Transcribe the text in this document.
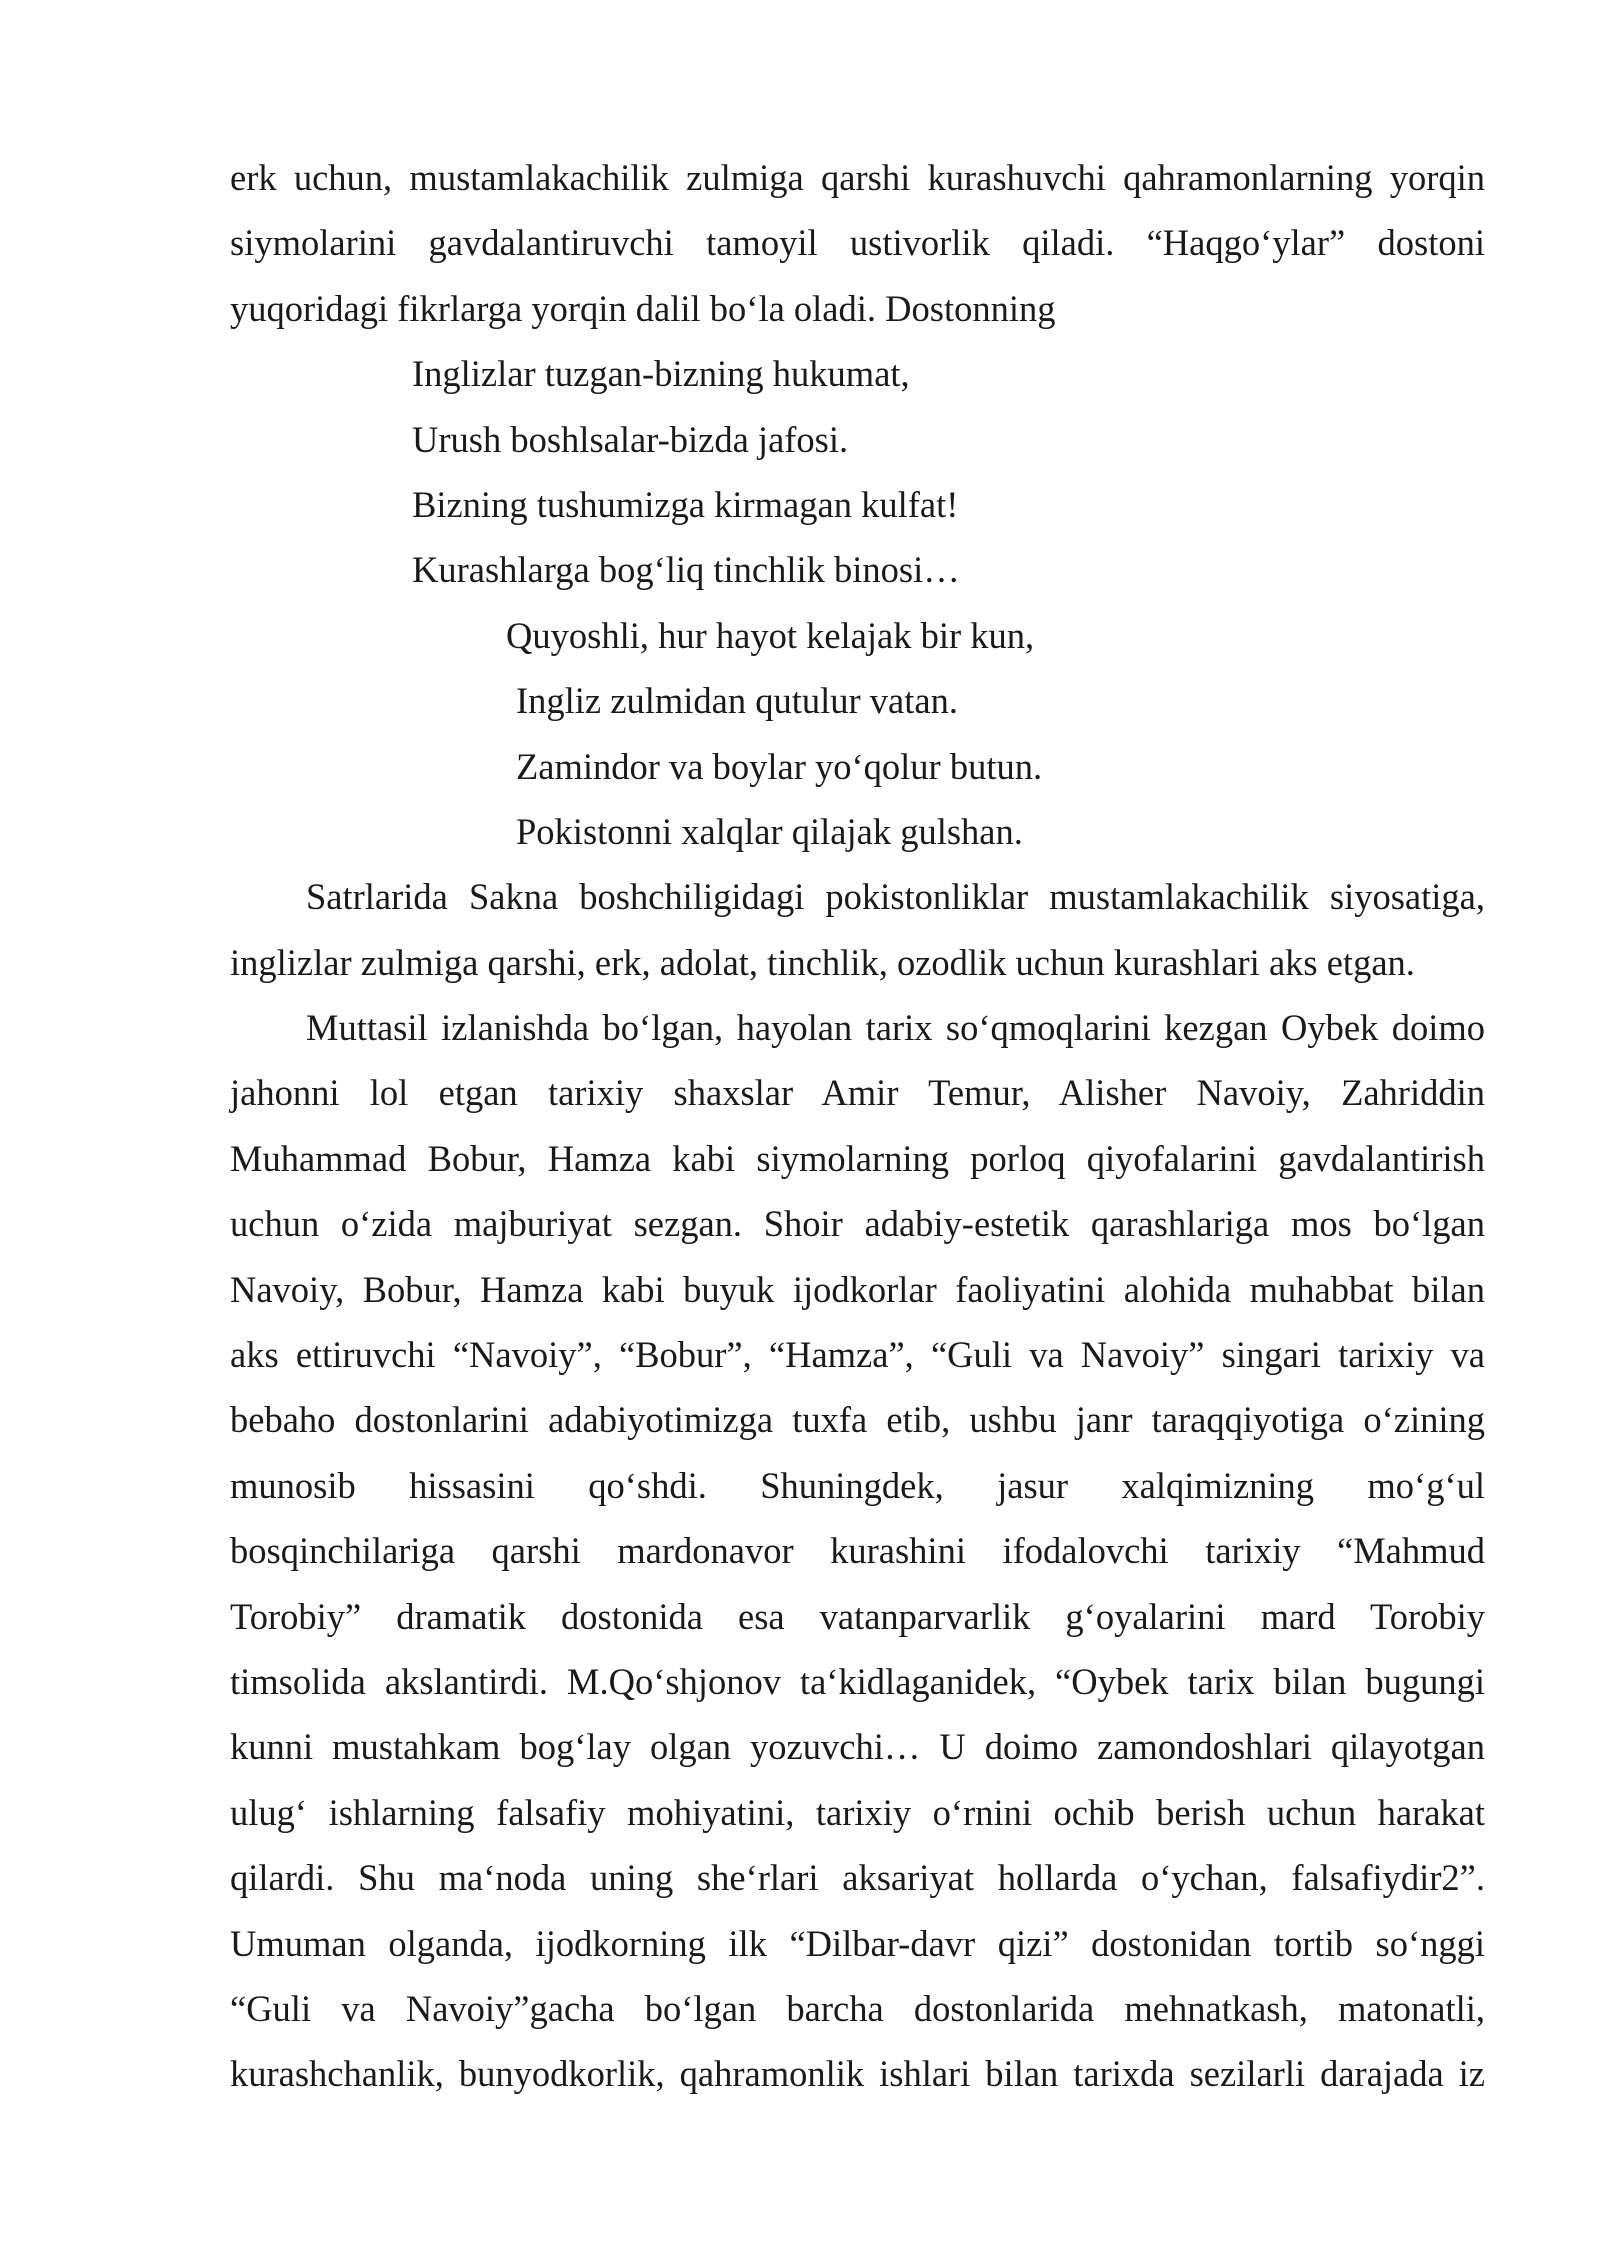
erk uchun, mustamlakachilik zulmiga qarshi kurashuvchi qahramonlarning yorqin
siymolarini gavdalantiruvchi tamoyil ustivorlik qiladi. “Haqgo‘ylar” dostoni
yuqoridagi fikrlarga yorqin dalil bo‘la oladi. Dostonning
Inglizlar tuzgan-bizning hukumat,
Urush boshlsalar-bizda jafosi.
Bizning tushumizga kirmagan kulfat!
Kurashlarga bog‘liq tinchlik binosi…
Quyoshli, hur hayot kelajak bir kun,
Ingliz zulmidan qutulur vatan.
Zamindor va boylar yo‘qolur butun.
Pokistonni xalqlar qilajak gulshan.
Satrlarida Sakna boshchiligidagi pokistonliklar mustamlakachilik siyosatiga,
inglizlar zulmiga qarshi, erk, adolat, tinchlik, ozodlik uchun kurashlari aks etgan.
Muttasil izlanishda bo‘lgan, hayolan tarix so‘qmoqlarini kezgan Oybek doimo
jahonni lol etgan tarixiy shaxslar Amir Temur, Alisher Navoiy, Zahriddin
Muhammad Bobur, Hamza kabi siymolarning porloq qiyofalarini gavdalantirish
uchun o‘zida majburiyat sezgan. Shoir adabiy-estetik qarashlariga mos bo‘lgan
Navoiy, Bobur, Hamza kabi buyuk ijodkorlar faoliyatini alohida muhabbat bilan
aks ettiruvchi “Navoiy”, “Bobur”, “Hamza”, “Guli va Navoiy” singari tarixiy va
bebaho dostonlarini adabiyotimizga tuxfa etib, ushbu janr taraqqiyotiga o‘zining
munosib hissasini qo‘shdi. Shuningdek, jasur xalqimizning mo‘g‘ul
bosqinchilariga qarshi mardonavor kurashini ifodalovchi tarixiy “Mahmud
Torobiy” dramatik dostonida esa vatanparvarlik g‘oyalarini mard Torobiy
timsolida akslantirdi. M.Qo‘shjonov ta‘kidlaganidek, “Oybek tarix bilan bugungi
kunni mustahkam bog‘lay olgan yozuvchi… U doimo zamondoshlari qilayotgan
ulug‘ ishlarning falsafiy mohiyatini, tarixiy o‘rnini ochib berish uchun harakat
qilardi. Shu ma‘noda uning she‘rlari aksariyat hollarda o‘ychan, falsafiydir2”.
Umuman olganda, ijodkorning ilk “Dilbar-davr qizi” dostonidan tortib so‘nggi
“Guli va Navoiy”gacha bo‘lgan barcha dostonlarida mehnatkash, matonatli,
kurashchanlik, bunyodkorlik, qahramonlik ishlari bilan tarixda sezilarli darajada iz
